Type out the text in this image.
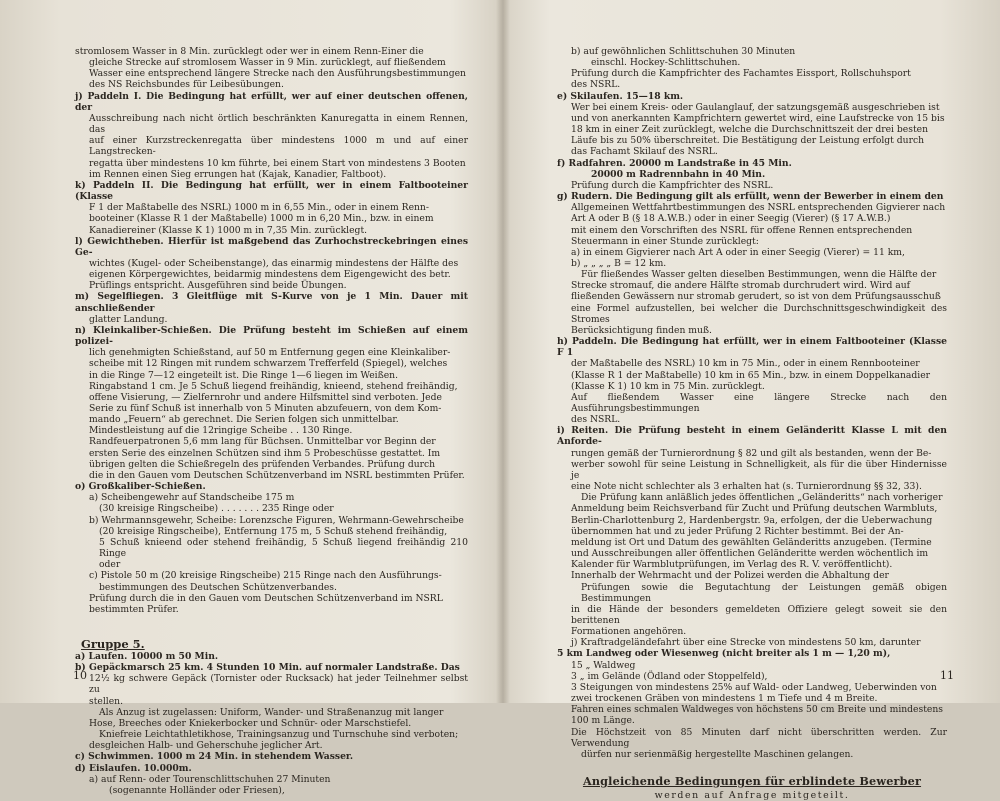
stromlosem Wasser in 8 Min. zurücklegt oder wer in einem Renn-Einer die

gleiche Strecke auf stromlosem Wasser in 9 Min. zurücklegt, auf fließendem

Wasser eine entsprechend längere Strecke nach den Ausführungsbestimmungen

des NS Reichsbundes für Leibesübungen.

j) Paddeln I. Die Bedingung hat erfüllt, wer auf einer deutschen offenen, der

Ausschreibung nach nicht örtlich beschränkten Kanuregatta in einem Rennen, das

auf einer Kurzstreckenregatta über mindestens 1000 m und auf einer Langstrecken-

regatta über mindestens 10 km führte, bei einem Start von mindestens 3 Booten

im Rennen einen Sieg errungen hat (Kajak, Kanadier, Faltboot).

k) Paddeln II. Die Bedingung hat erfüllt, wer in einem Faltbooteiner (Klasse

F 1 der Maßtabelle des NSRL) 1000 m in 6,55 Min., oder in einem Renn-

booteiner (Klasse R 1 der Maßtabelle) 1000 m in 6,20 Min., bzw. in einem

Kanadiereiner (Klasse K 1) 1000 m in 7,35 Min. zurücklegt.

l) Gewichtheben. Hierfür ist maßgebend das Zurhochstreckebringen eines Ge-

wichtes (Kugel- oder Scheibenstange), das einarmig mindestens der Hälfte des

eigenen Körpergewichtes, beidarmig mindestens dem Eigengewicht des betr.

Prüflings entspricht. Ausgeführen sind beide Übungen.

m) Segelfliegen. 3 Gleitflüge mit S-Kurve von je 1 Min. Dauer mit anschließender

glatter Landung.

n) Kleinkaliber-Schießen. Die Prüfung besteht im Schießen auf einem polizei-

lich genehmigten Schießstand, auf 50 m Entfernung gegen eine Kleinkaliber-

scheibe mit 12 Ringen mit rundem schwarzem Trefferfeld (Spiegel), welches

in die Ringe 7—12 eingeteilt ist. Die Ringe 1—6 liegen im Weißen.

Ringabstand 1 cm. Je 5 Schuß liegend freihändig, knieend, stehend freihändig,

offene Visierung, — Zielfernrohr und andere Hilfsmittel sind verboten. Jede

Serie zu fünf Schuß ist innerhalb von 5 Minuten abzufeuern, von dem Kom-

mando „Feuern“ ab gerechnet. Die Serien folgen sich unmittelbar.

Mindestleistung auf die 12ringige Scheibe . . 130 Ringe.

Randfeuerpatronen 5,6 mm lang für Büchsen. Unmittelbar vor Beginn der

ersten Serie des einzelnen Schützen sind ihm 5 Probeschüsse gestattet. Im

übrigen gelten die Schießregeln des prüfenden Verbandes. Prüfung durch

die in den Gauen vom Deutschen Schützenverband im NSRL bestimmten Prüfer.

o) Großkaliber-Schießen.

a) Scheibengewehr auf Standscheibe 175 m

(30 kreisige Ringscheibe) . . . . . . . 235 Ringe oder

b) Wehrmannsgewehr, Scheibe: Lorenzsche Figuren, Wehrmann-Gewehrscheibe

(20 kreisige Ringscheibe), Entfernung 175 m, 5 Schuß stehend freihändig,

5 Schuß knieend oder stehend freihändig, 5 Schuß liegend freihändig 210 Ringe

oder

c) Pistole 50 m (20 kreisige Ringscheibe) 215 Ringe nach den Ausführungs-

bestimmungen des Deutschen Schützenverbandes.

Prüfung durch die in den Gauen vom Deutschen Schützenverband im NSRL

bestimmten Prüfer.

Gruppe 5.

a) Laufen. 10000 m 50 Min.

b) Gepäckmarsch 25 km. 4 Stunden 10 Min. auf normaler Landstraße. Das

12½ kg schwere Gepäck (Tornister oder Rucksack) hat jeder Teilnehmer selbst zu

stellen.

Als Anzug ist zugelassen: Uniform, Wander- und Straßenanzug mit langer

Hose, Breeches oder Kniekerbocker und Schnür- oder Marschstiefel.

Kniefreie Leichtathletikhose, Trainingsanzug und Turnschuhe sind verboten;

desgleichen Halb- und Geherschuhe jeglicher Art.

c) Schwimmen. 1000 m 24 Min. in stehendem Wasser.

d) Eislaufen. 10.000m.

a) auf Renn- oder Tourenschlittschuhen 27 Minuten

(sogenannte Holländer oder Friesen),

b) auf gewöhnlichen Schlittschuhen 30 Minuten

einschl. Hockey-Schlittschuhen.

Prüfung durch die Kampfrichter des Fachamtes Eissport, Rollschuhsport

des NSRL.

e) Skilaufen. 15—18 km.

Wer bei einem Kreis- oder Gaulanglauf, der satzungsgemäß ausgeschrieben ist

und von anerkannten Kampfrichtern gewertet wird, eine Laufstrecke von 15 bis

18 km in einer Zeit zurücklegt, welche die Durchschnittszeit der drei besten

Läufe bis zu 50% überschreitet. Die Bestätigung der Leistung erfolgt durch

das Fachamt Skilauf des NSRL.

f) Radfahren. 20000 m Landstraße in 45 Min.

20000 m Radrennbahn in 40 Min.

Prüfung durch die Kampfrichter des NSRL.

g) Rudern. Die Bedingung gilt als erfüllt, wenn der Bewerber in einem den

Allgemeinen Wettfahrtbestimmungen des NSRL entsprechenden Gigvierer nach

Art A oder B (§ 18 A.W.B.) oder in einer Seegig (Vierer) (§ 17 A.W.B.)

mit einem den Vorschriften des NSRL für offene Rennen entsprechenden

Steuermann in einer Stunde zurücklegt:

a) in einem Gigvierer nach Art A oder in einer Seegig (Vierer) = 11 km,

b) „ „ „ „ B = 12 km.

Für fließendes Wasser gelten dieselben Bestimmungen, wenn die Hälfte der

Strecke stromauf, die andere Hälfte stromab durchrudert wird. Wird auf

fließenden Gewässern nur stromab gerudert, so ist von dem Prüfungsausschuß

eine Formel aufzustellen, bei welcher die Durchschnittsgeschwindigkeit des Stromes

Berücksichtigung finden muß.

h) Paddeln. Die Bedingung hat erfüllt, wer in einem Faltbooteiner (Klasse F 1

der Maßtabelle des NSRL) 10 km in 75 Min., oder in einem Rennbooteiner

(Klasse R 1 der Maßtabelle) 10 km in 65 Min., bzw. in einem Doppelkanadier

(Klasse K 1) 10 km in 75 Min. zurücklegt.

Auf fließendem Wasser eine längere Strecke nach den Ausführungsbestimmungen

des NSRL.

i) Reiten. Die Prüfung besteht in einem Geländeritt Klasse L mit den Anforde-

rungen gemäß der Turnierordnung § 82 und gilt als bestanden, wenn der Be-

werber sowohl für seine Leistung in Schnelligkeit, als für die über Hindernisse je

eine Note nicht schlechter als 3 erhalten hat (s. Turnierordnung §§ 32, 33).

Die Prüfung kann anläßlich jedes öffentlichen „Geländeritts“ nach vorheriger

Anmeldung beim Reichsverband für Zucht und Prüfung deutschen Warmbluts,

Berlin-Charlottenburg 2, Hardenbergstr. 9a, erfolgen, der die Ueberwachung

übernommen hat und zu jeder Prüfung 2 Richter bestimmt. Bei der An-

meldung ist Ort und Datum des gewählten Geländeritts anzugeben. (Termine

und Ausschreibungen aller öffentlichen Geländeritte werden wöchentlich im

Kalender für Warmblutprüfungen, im Verlag des R. V. veröffentlicht).

Innerhalb der Wehrmacht und der Polizei werden die Abhaltung der

Prüfungen sowie die Begutachtung der Leistungen gemäß obigen Bestimmungen

in die Hände der besonders gemeldeten Offiziere gelegt soweit sie den berittenen

Formationen angehören.

j) Kraftradgeländefahrt über eine Strecke von mindestens 50 km, darunter

5 km Landweg oder Wiesenweg (nicht breiter als 1 m — 1,20 m),

15 „ Waldweg

3 „ im Gelände (Ödland oder Stoppelfeld),

3 Steigungen von mindestens 25% auf Wald- oder Landweg, Ueberwinden von

zwei trockenen Gräben von mindestens 1 m Tiefe und 4 m Breite.

Fahren eines schmalen Waldweges von höchstens 50 cm Breite und mindestens

100 m Länge.

Die Höchstzeit von 85 Minuten darf nicht überschritten werden. Zur Verwendung

dürfen nur serienmäßig hergestellte Maschinen gelangen.

Angleichende Bedingungen für erblindete Bewerber
werden auf Anfrage mitgeteilt.
10	11
